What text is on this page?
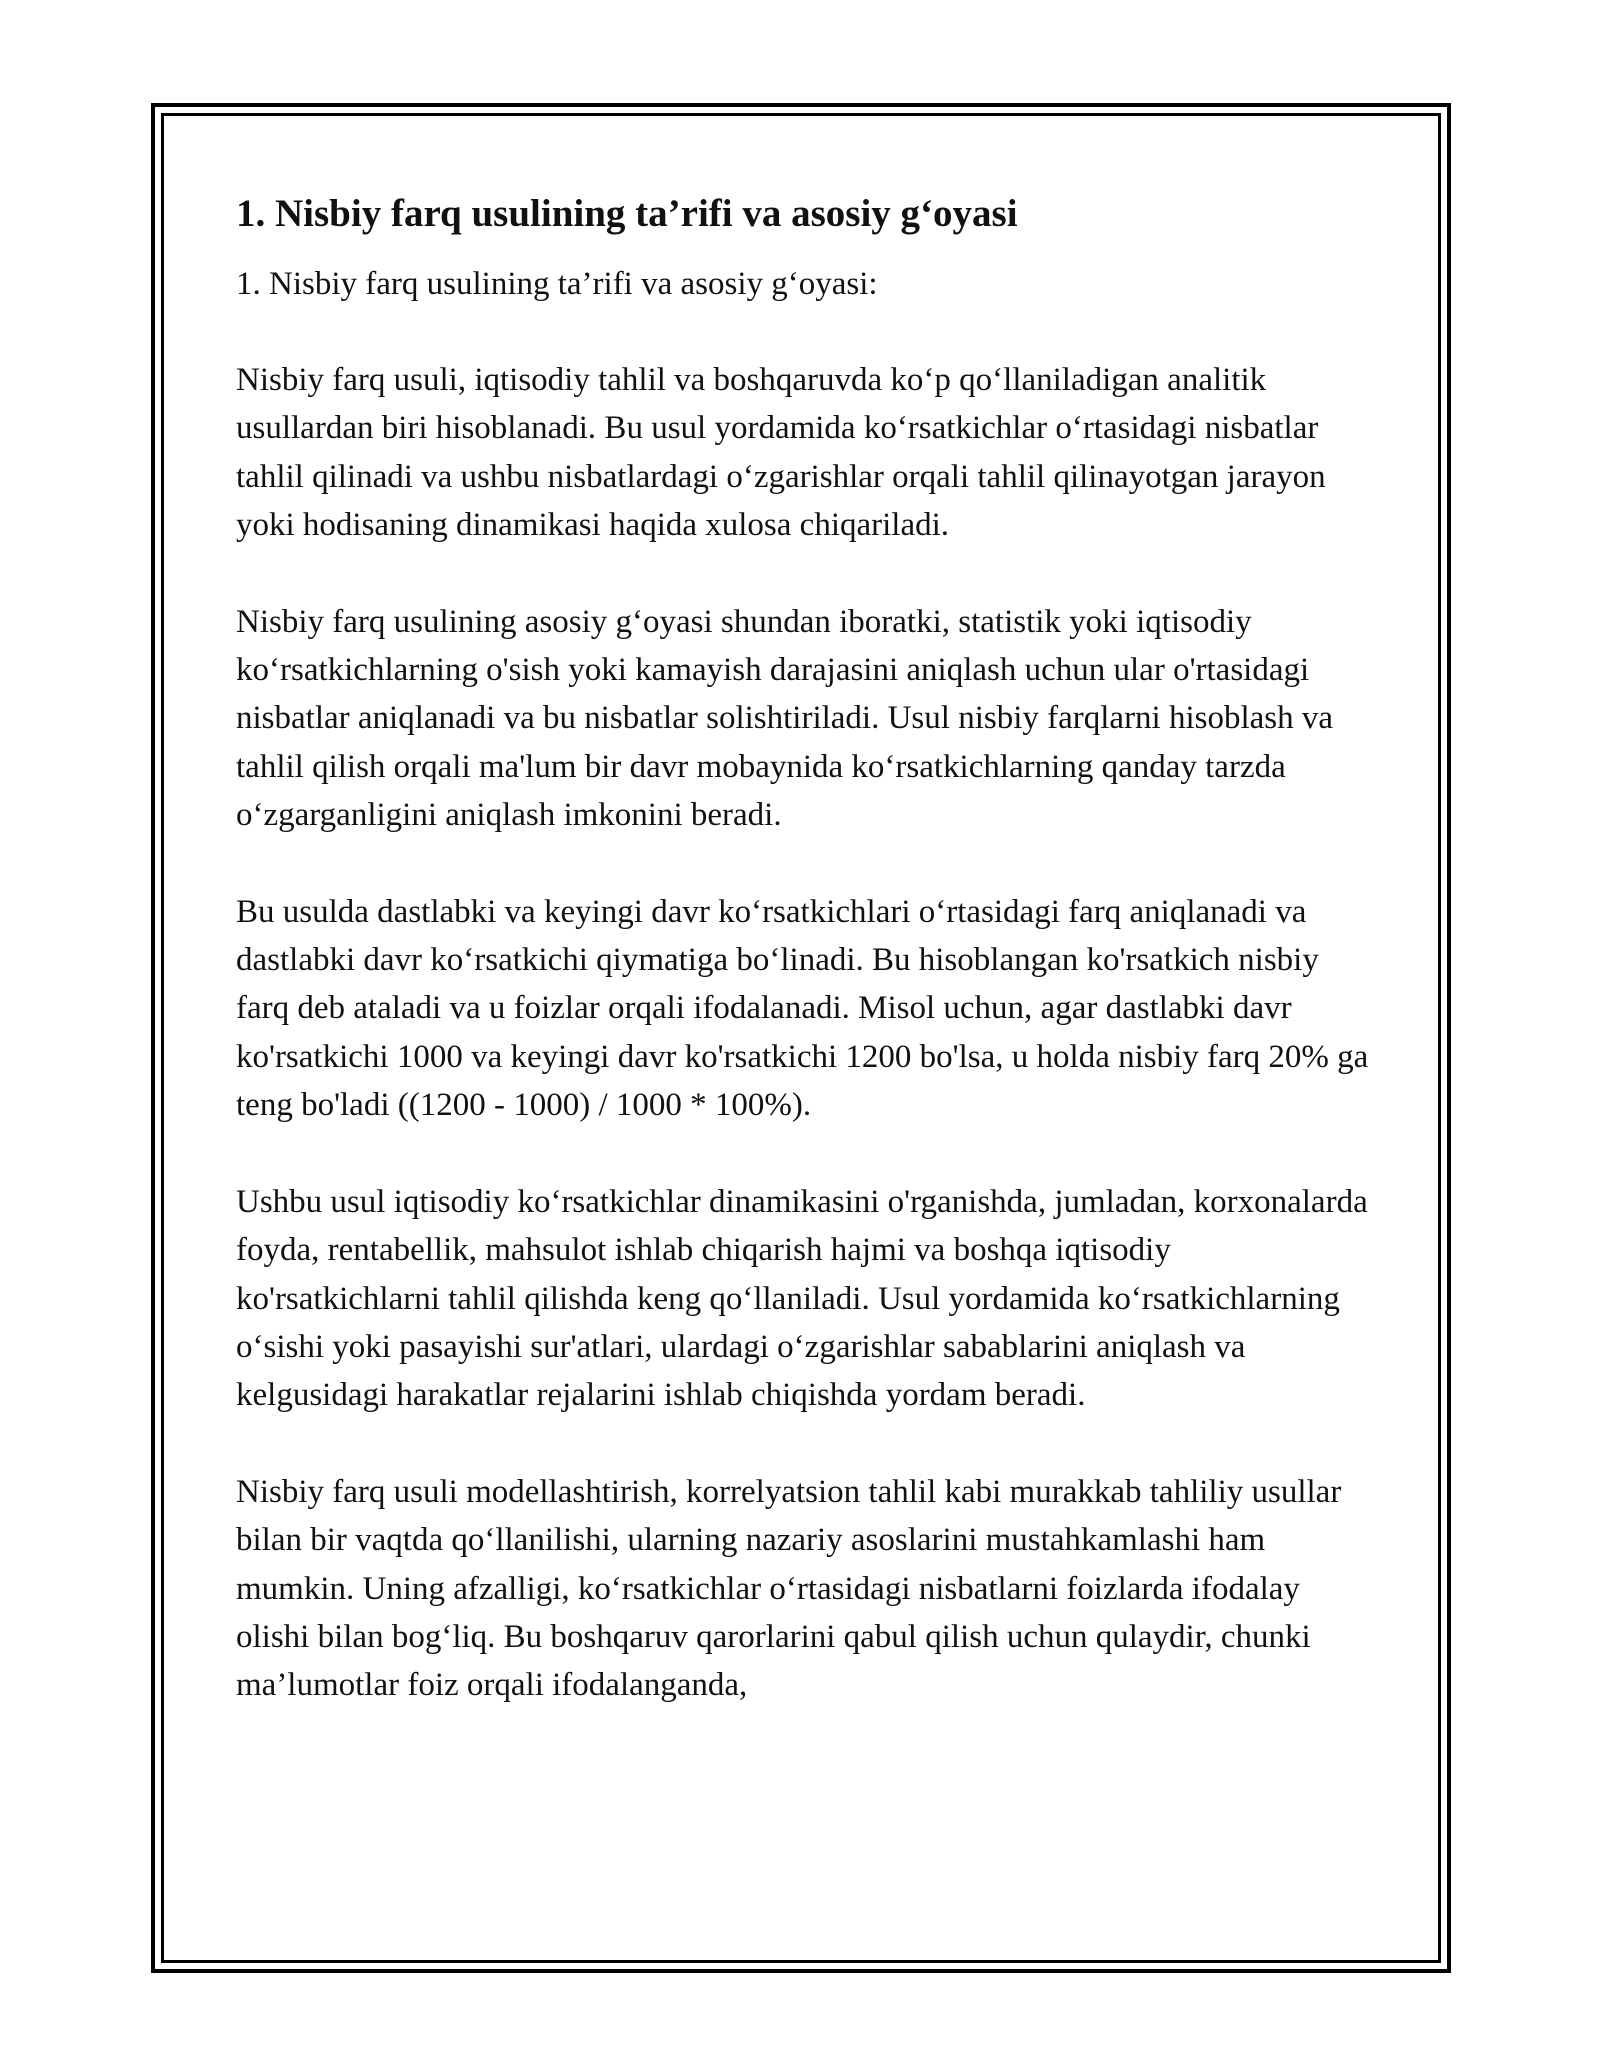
1. Nisbiy farq usulining ta’rifi va asosiy g‘oyasi

1. Nisbiy farq usulining ta’rifi va asosiy g‘oyasi:

Nisbiy farq usuli, iqtisodiy tahlil va boshqaruvda ko‘p qo‘llaniladigan analitik usullardan biri hisoblanadi. Bu usul yordamida ko‘rsatkichlar o‘rtasidagi nisbatlar tahlil qilinadi va ushbu nisbatlardagi o‘zgarishlar orqali tahlil qilinayotgan jarayon yoki hodisaning dinamikasi haqida xulosa chiqariladi.

Nisbiy farq usulining asosiy g‘oyasi shundan iboratki, statistik yoki iqtisodiy ko‘rsatkichlarning o'sish yoki kamayish darajasini aniqlash uchun ular o'rtasidagi nisbatlar aniqlanadi va bu nisbatlar solishtiriladi. Usul nisbiy farqlarni hisoblash va tahlil qilish orqali ma'lum bir davr mobaynida ko‘rsatkichlarning qanday tarzda o‘zgarganligini aniqlash imkonini beradi.

Bu usulda dastlabki va keyingi davr ko‘rsatkichlari o‘rtasidagi farq aniqlanadi va dastlabki davr ko‘rsatkichi qiymatiga bo‘linadi. Bu hisoblangan ko'rsatkich nisbiy farq deb ataladi va u foizlar orqali ifodalanadi. Misol uchun, agar dastlabki davr ko'rsatkichi 1000 va keyingi davr ko'rsatkichi 1200 bo'lsa, u holda nisbiy farq 20% ga teng bo'ladi ((1200 - 1000) / 1000 * 100%).

Ushbu usul iqtisodiy ko‘rsatkichlar dinamikasini o'rganishda, jumladan, korxonalarda foyda, rentabellik, mahsulot ishlab chiqarish hajmi va boshqa iqtisodiy ko'rsatkichlarni tahlil qilishda keng qo‘llaniladi. Usul yordamida ko‘rsatkichlarning o‘sishi yoki pasayishi sur'atlari, ulardagi o‘zgarishlar sabablarini aniqlash va kelgusidagi harakatlar rejalarini ishlab chiqishda yordam beradi.

Nisbiy farq usuli modellashtirish, korrelyatsion tahlil kabi murakkab tahliliy usullar bilan bir vaqtda qo‘llanilishi, ularning nazariy asoslarini mustahkamlashi ham mumkin. Uning afzalligi, ko‘rsatkichlar o‘rtasidagi nisbatlarni foizlarda ifodalay olishi bilan bog‘liq. Bu boshqaruv qarorlarini qabul qilish uchun qulaydir, chunki ma’lumotlar foiz orqali ifodalanganda,
